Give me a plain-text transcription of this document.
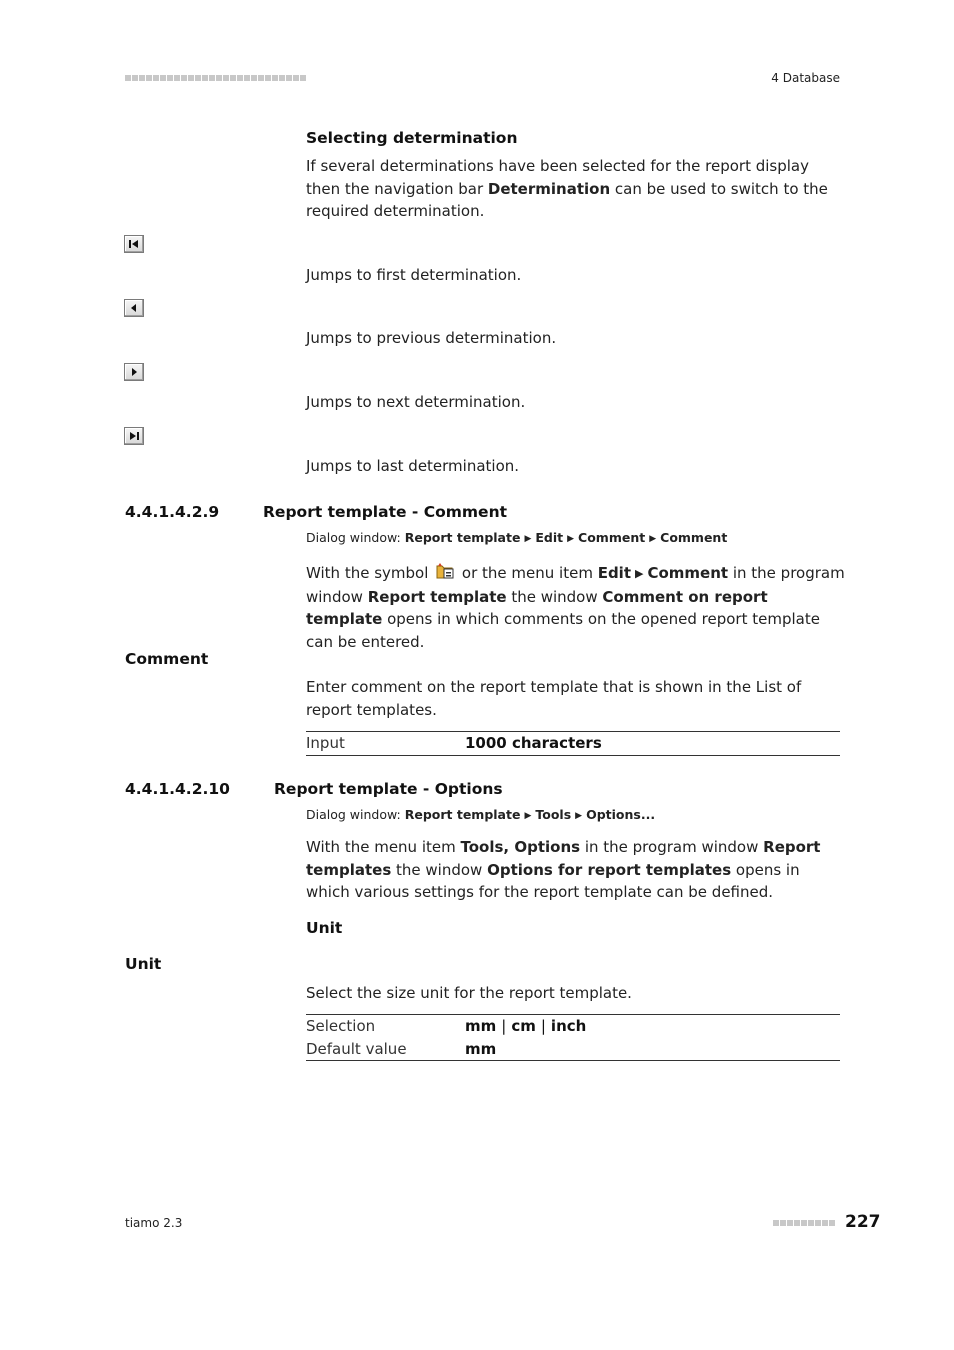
4 Database
Selecting determination
If several determinations have been selected for the report display then the navigation bar Determination can be used to switch to the required determination.
Jumps to first determination.
Jumps to previous determination.
Jumps to next determination.
Jumps to last determination.
4.4.1.4.2.9	Report template - Comment
Dialog window: Report template ▶ Edit ▶ Comment ▶ Comment
With the symbol  or the menu item Edit ▶ Comment in the program window Report template the window Comment on report template opens in which comments on the opened report template can be entered.
Comment
Enter comment on the report template that is shown in the List of report templates.
Input	1000 characters
4.4.1.4.2.10	Report template - Options
Dialog window: Report template ▶ Tools ▶ Options...
With the menu item Tools, Options in the program window Report templates the window Options for report templates opens in which various settings for the report template can be defined.
Unit
Unit
Select the size unit for the report template.
Selection	mm | cm | inch
Default value	mm
tiamo 2.3	227
